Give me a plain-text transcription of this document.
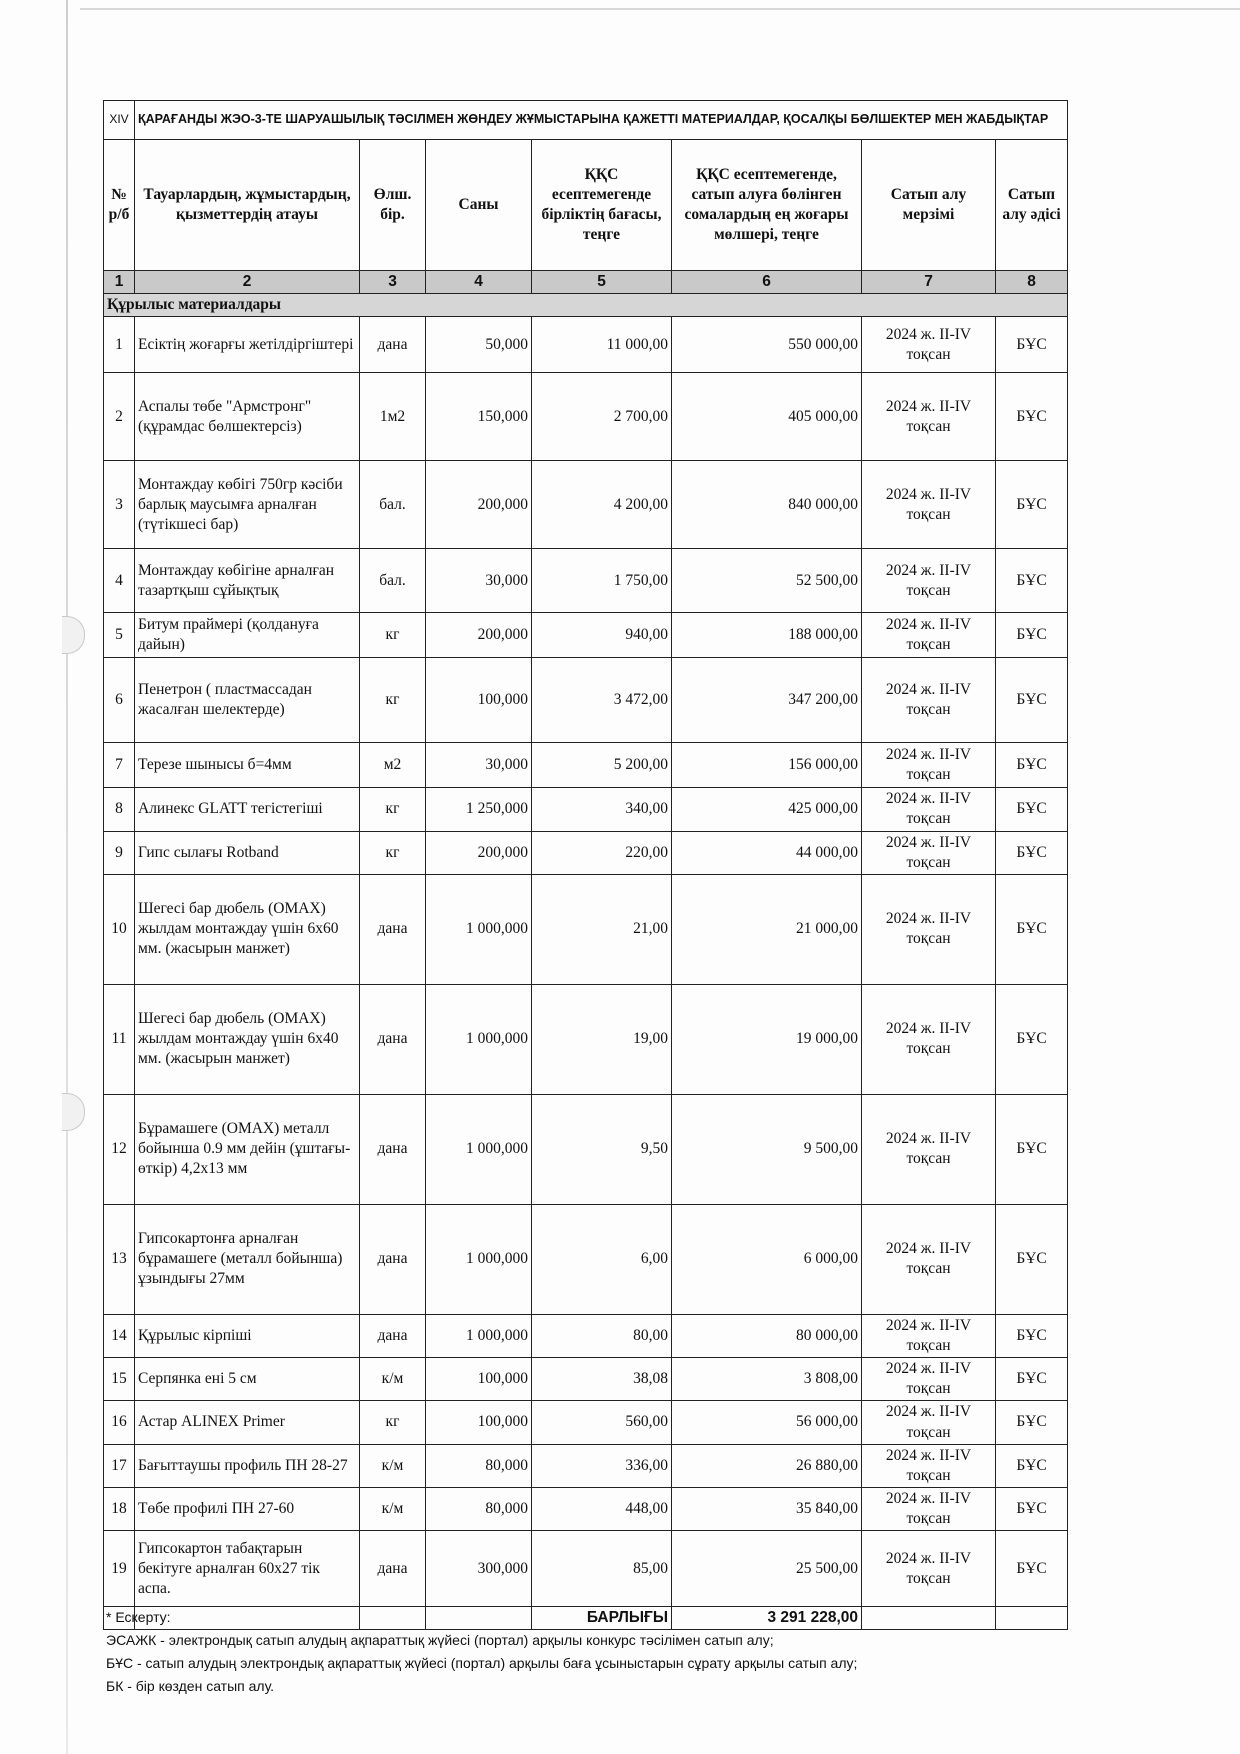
XIV	ҚАРАҒАНДЫ ЖЭО-3-ТЕ ШАРУАШЫЛЫҚ ТӘСІЛМЕН ЖӨНДЕУ ЖҰМЫСТАРЫНА ҚАЖЕТТІ МАТЕРИАЛДАР, ҚОСАЛҚЫ БӨЛШЕКТЕР МЕН ЖАБДЫҚТАР						
№ р/б	Тауарлардың, жұмыстардың, қызметтердің атауы	Өлш. бір.	Саны	ҚҚС есептемегенде бірліктің бағасы, теңге	ҚҚС есептемегенде, сатып алуға бөлінген сомалардың ең жоғары мөлшері, теңге	Сатып алу мерзімі	Сатып алу әдісі
1	2	3	4	5	6	7	8
Құрылыс материалдары							
1	Есіктің жоғарғы жетілдіргіштері	дана	50,000	11 000,00	550 000,00	2024 ж. II-IV тоқсан	БҰС
2	Аспалы төбе "Армстронг" (құрамдас бөлшектерсіз)	1м2	150,000	2 700,00	405 000,00	2024 ж. II-IV тоқсан	БҰС
3	Монтаждау көбігі 750гр кәсіби барлық маусымға арналған (түтікшесі бар)	бал.	200,000	4 200,00	840 000,00	2024 ж. II-IV тоқсан	БҰС
4	Монтаждау көбігіне арналған тазартқыш сұйықтық	бал.	30,000	1 750,00	52 500,00	2024 ж. II-IV тоқсан	БҰС
5	Битум праймері (қолдануға дайын)	кг	200,000	940,00	188 000,00	2024 ж. II-IV тоқсан	БҰС
6	Пенетрон ( пластмассадан жасалған шелектерде)	кг	100,000	3 472,00	347 200,00	2024 ж. II-IV тоқсан	БҰС
7	Терезе шынысы б=4мм	м2	30,000	5 200,00	156 000,00	2024 ж. II-IV тоқсан	БҰС
8	Алинекс GLATT тегістегіші	кг	1 250,000	340,00	425 000,00	2024 ж. II-IV тоқсан	БҰС
9	Гипс сылағы Rotband	кг	200,000	220,00	44 000,00	2024 ж. II-IV тоқсан	БҰС
10	Шегесі бар дюбель (OMAX) жылдам монтаждау үшін 6х60 мм. (жасырын манжет)	дана	1 000,000	21,00	21 000,00	2024 ж. II-IV тоқсан	БҰС
11	Шегесі бар дюбель (OMAX) жылдам монтаждау үшін 6х40 мм. (жасырын манжет)	дана	1 000,000	19,00	19 000,00	2024 ж. II-IV тоқсан	БҰС
12	Бұрамашеге (OMAX) металл бойынша 0.9 мм дейін (ұштағы- өткір) 4,2х13 мм	дана	1 000,000	9,50	9 500,00	2024 ж. II-IV тоқсан	БҰС
13	Гипсокартонға арналған бұрамашеге (металл бойынша) ұзындығы 27мм	дана	1 000,000	6,00	6 000,00	2024 ж. II-IV тоқсан	БҰС
14	Құрылыс кірпіші	дана	1 000,000	80,00	80 000,00	2024 ж. II-IV тоқсан	БҰС
15	Серпянка ені 5 см	к/м	100,000	38,08	3 808,00	2024 ж. II-IV тоқсан	БҰС
16	Астар ALINEX Primer	кг	100,000	560,00	56 000,00	2024 ж. II-IV тоқсан	БҰС
17	Бағыттаушы профиль ПН 28-27	к/м	80,000	336,00	26 880,00	2024 ж. II-IV тоқсан	БҰС
18	Төбе профилі ПН 27-60	к/м	80,000	448,00	35 840,00	2024 ж. II-IV тоқсан	БҰС
19	Гипсокартон табақтарын бекітуге арналған 60х27 тік аспа.	дана	300,000	85,00	25 500,00	2024 ж. II-IV тоқсан	БҰС
				БАРЛЫҒЫ	3 291 228,00		
* Ескерту:
ЭСАЖК - электрондық сатып алудың ақпараттық жүйесі (портал) арқылы конкурс тәсілімен сатып алу;
БҰС - сатып алудың электрондық ақпараттық жүйесі (портал) арқылы баға ұсыныстарын сұрату арқылы сатып алу;
БК - бір көзден сатып алу.
